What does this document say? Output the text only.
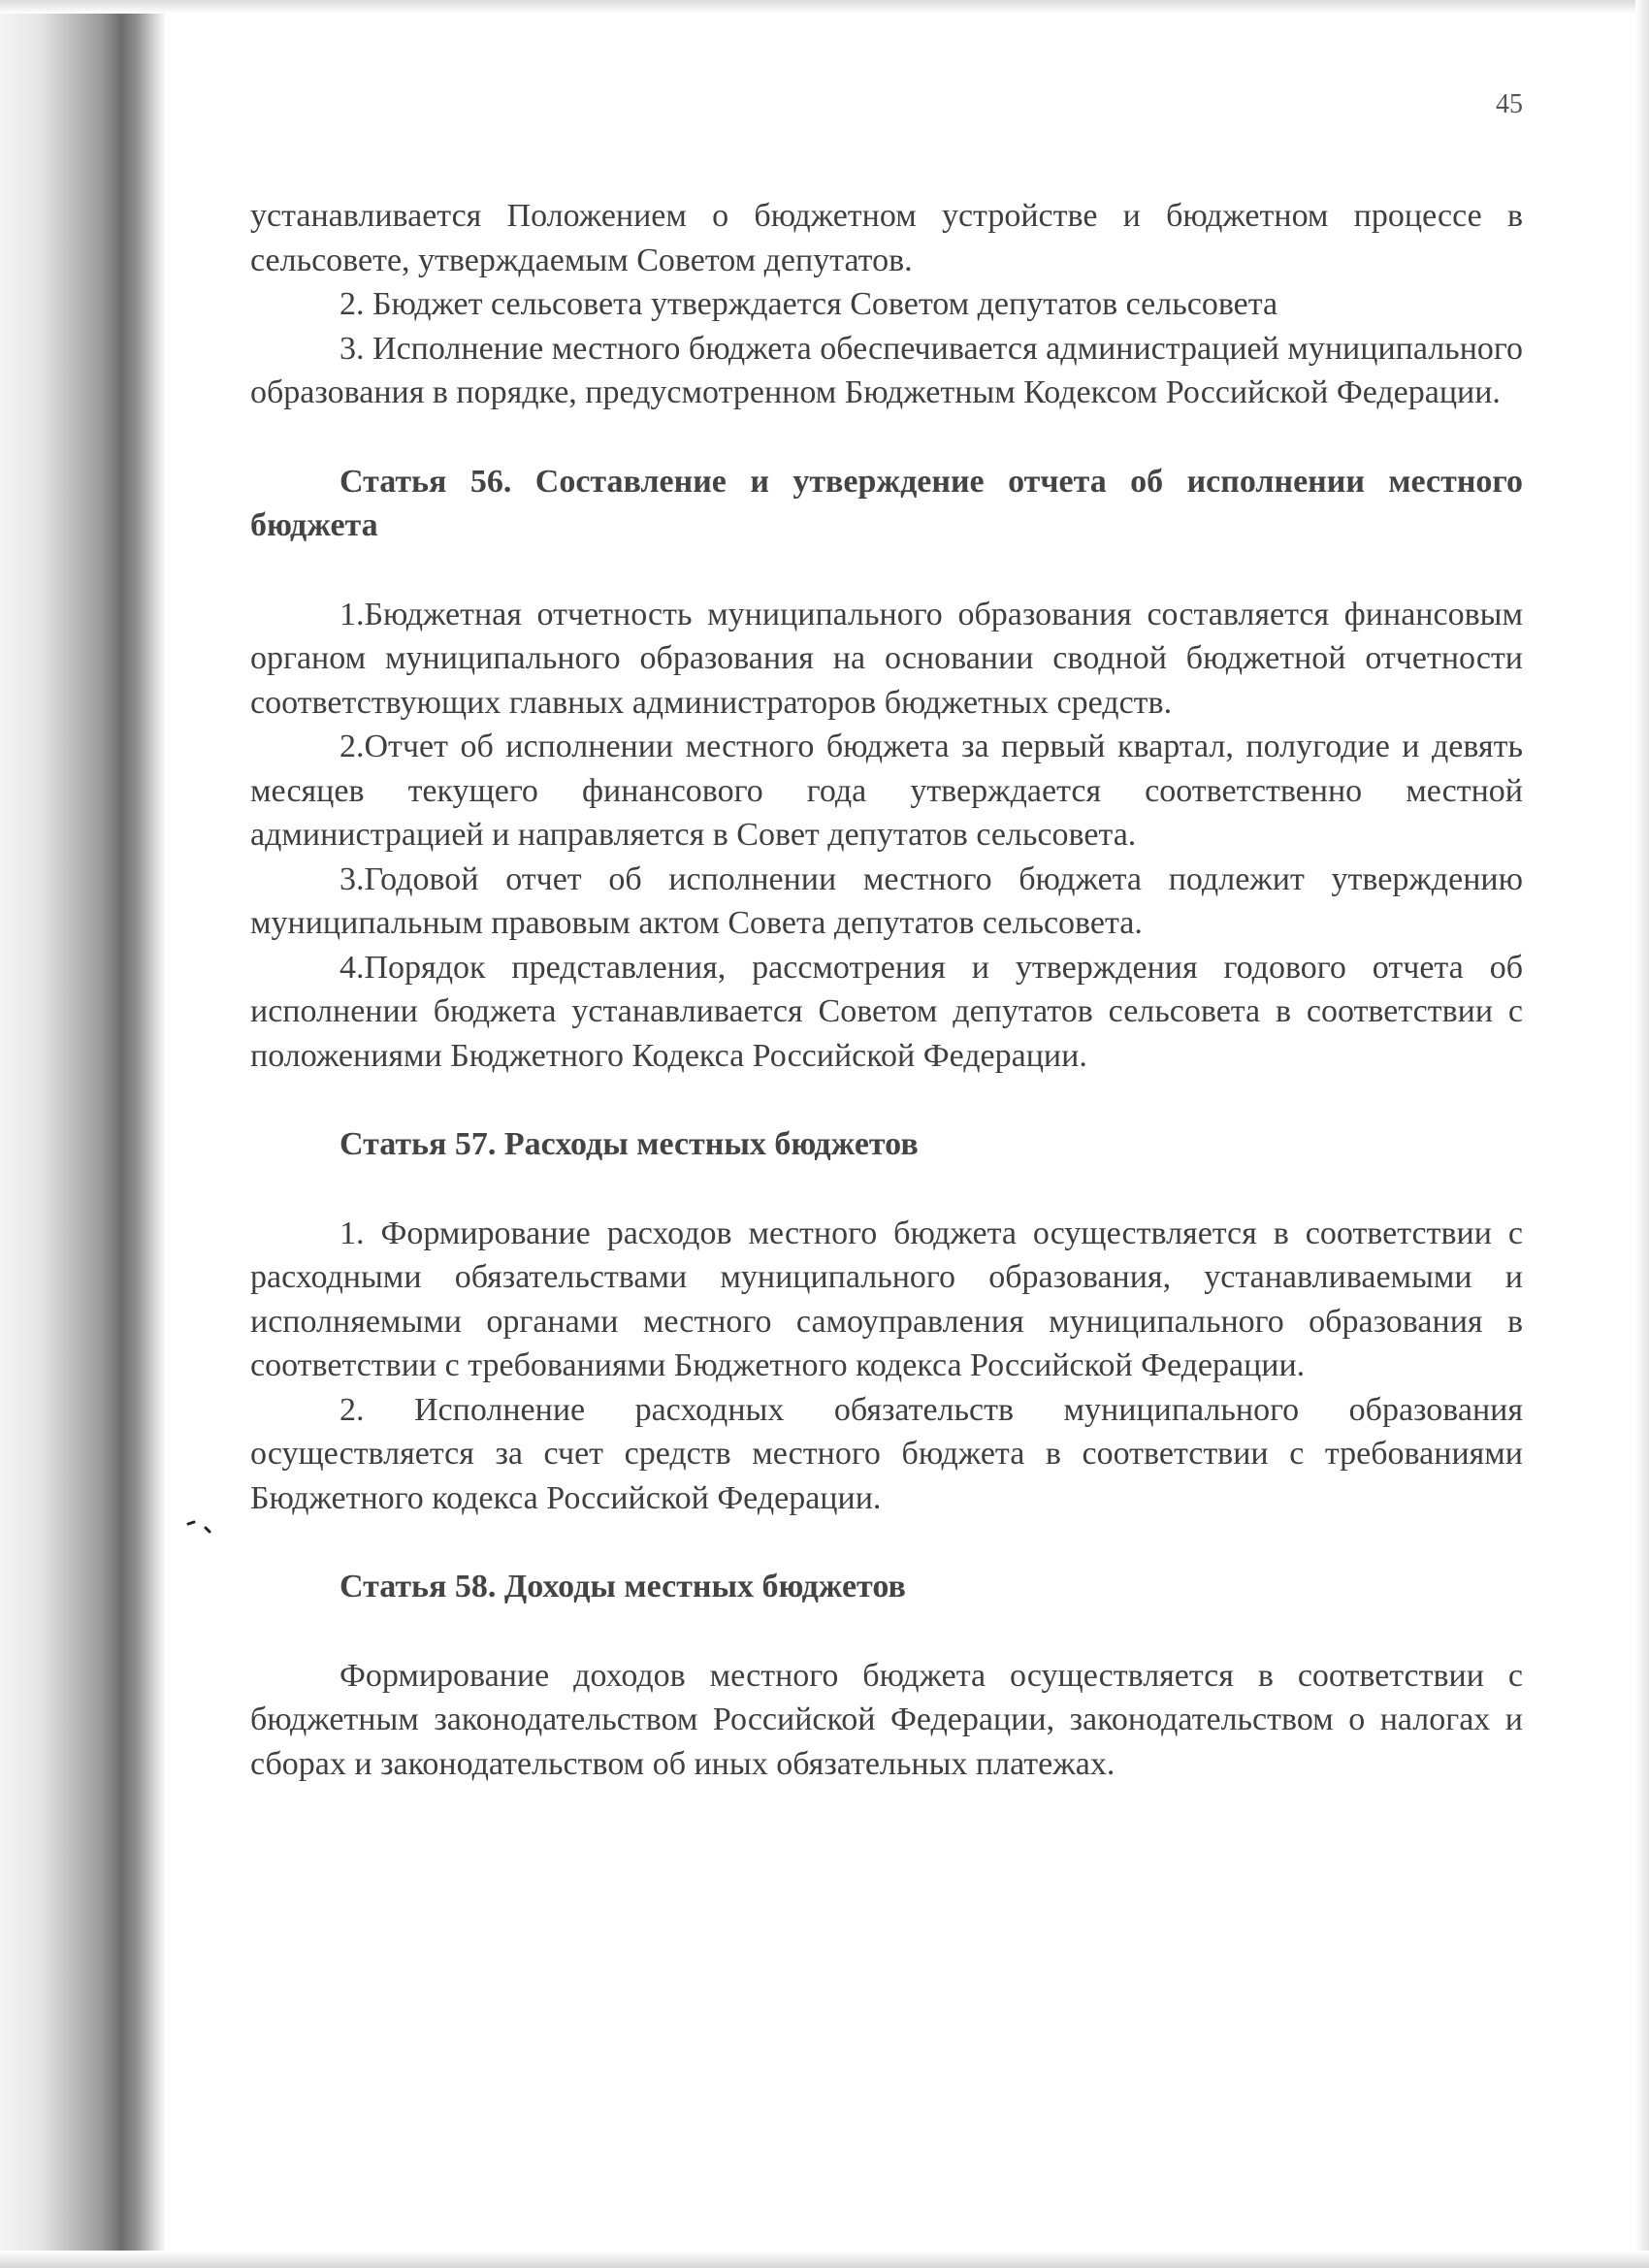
45

устанавливается Положением о бюджетном устройстве и бюджетном процессе в сельсовете, утверждаемым Советом депутатов.

2. Бюджет сельсовета утверждается Советом депутатов сельсовета

3. Исполнение местного бюджета обеспечивается администрацией муниципального образования в порядке, предусмотренном Бюджетным Кодексом Российской Федерации.

Статья 56. Составление и утверждение отчета об исполнении местного бюджета

1.Бюджетная отчетность муниципального образования составляется финансовым органом муниципального образования на основании сводной бюджетной отчетности соответствующих главных администраторов бюджетных средств.

2.Отчет об исполнении местного бюджета за первый квартал, полугодие и девять месяцев текущего финансового года утверждается соответственно местной администрацией и направляется в Совет депутатов сельсовета.

3.Годовой отчет об исполнении местного бюджета подлежит утверждению муниципальным правовым актом Совета депутатов сельсовета.

4.Порядок представления, рассмотрения и утверждения годового отчета об исполнении бюджета устанавливается Советом депутатов сельсовета в соответствии с положениями Бюджетного Кодекса Российской Федерации.

Статья 57. Расходы местных бюджетов

1. Формирование расходов местного бюджета осуществляется в соответствии с расходными обязательствами муниципального образования, устанавливаемыми и исполняемыми органами местного самоуправления муниципального образования в соответствии с требованиями Бюджетного кодекса Российской Федерации.

2. Исполнение расходных обязательств муниципального образования осуществляется за счет средств местного бюджета в соответствии с требованиями Бюджетного кодекса Российской Федерации.

Статья 58. Доходы местных бюджетов

Формирование доходов местного бюджета осуществляется в соответствии с бюджетным законодательством Российской Федерации, законодательством о налогах и сборах и законодательством об иных обязательных платежах.
